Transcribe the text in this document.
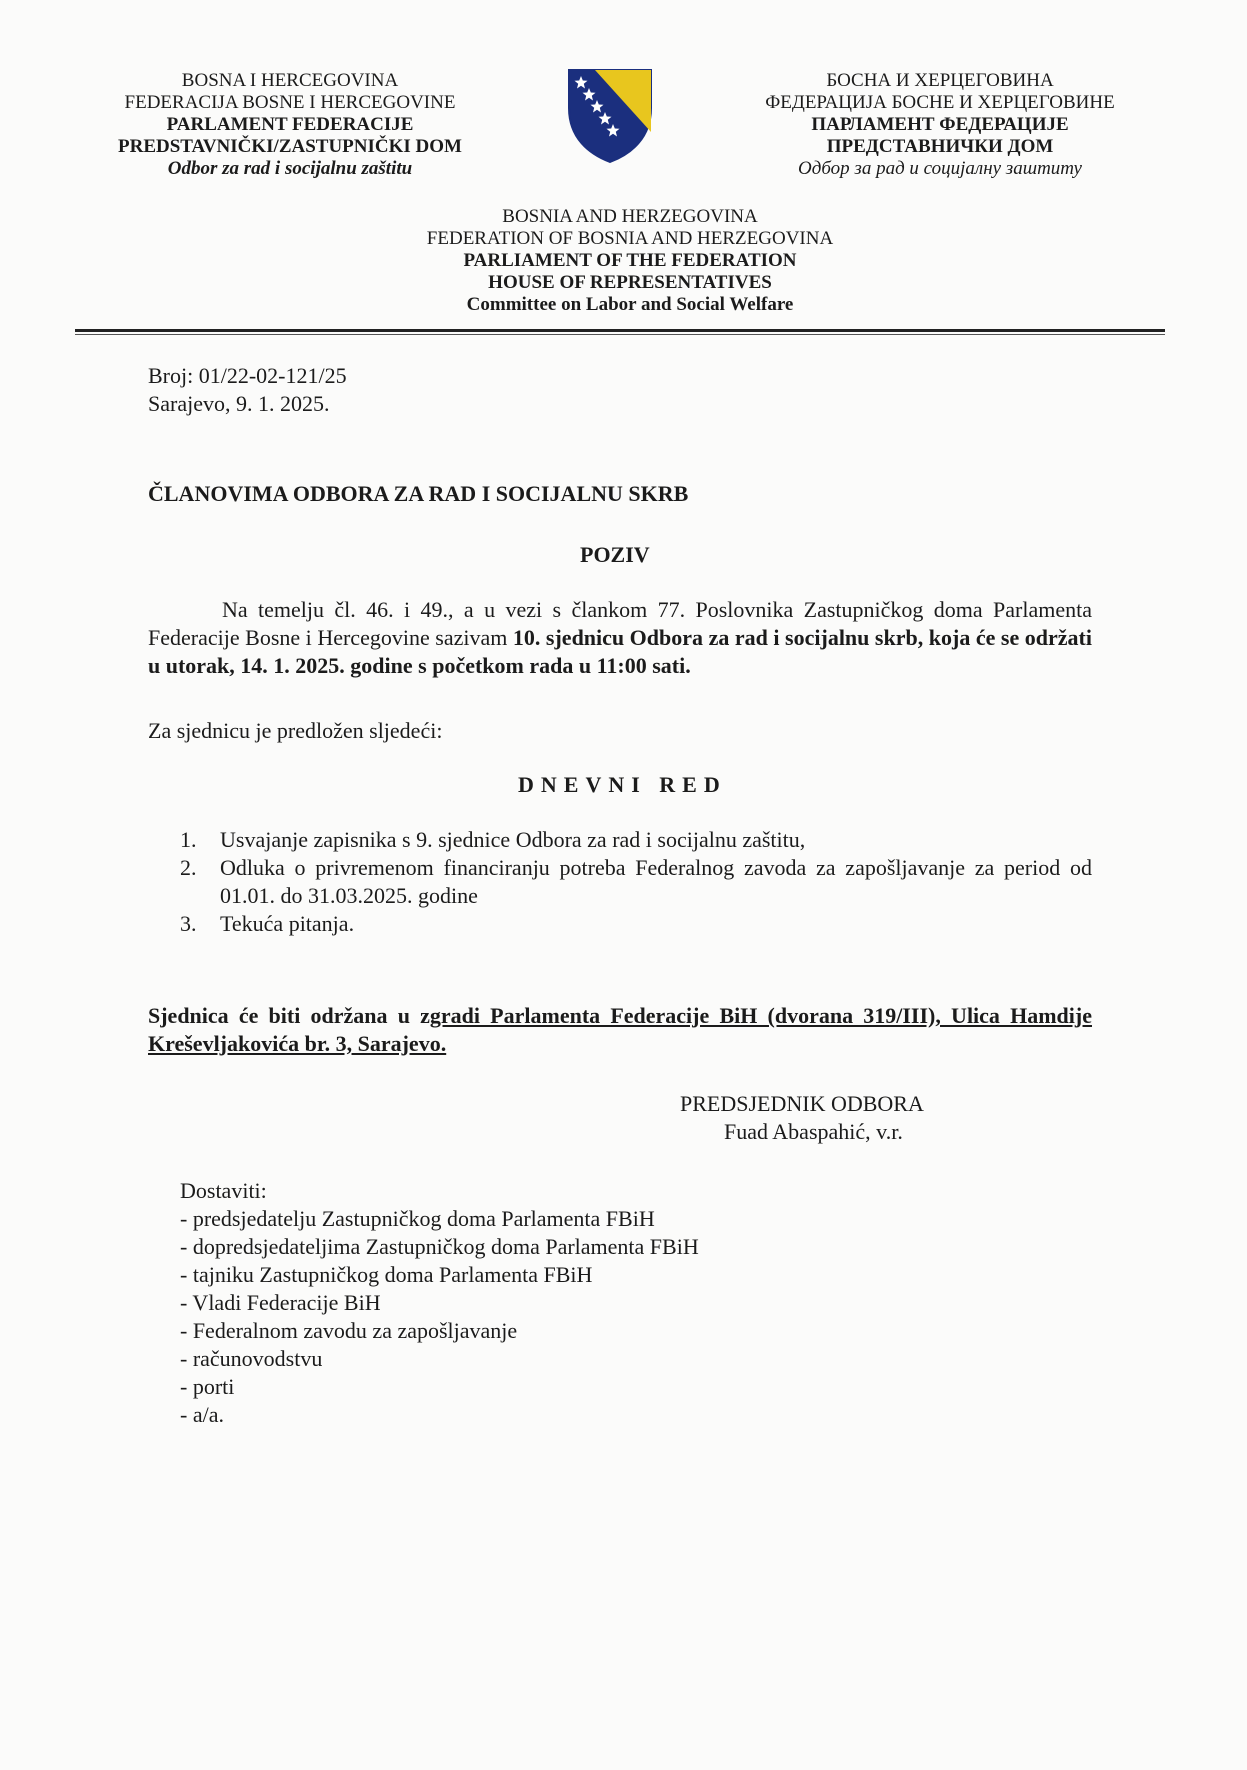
BOSNA I HERCEGOVINA
FEDERACIJA BOSNE I HERCEGOVINE
PARLAMENT FEDERACIJE
PREDSTAVNIČKI/ZASTUPNIČKI DOM
Odbor za rad i socijalnu zaštitu
БОСНА И ХЕРЦЕГОВИНА
ФЕДЕРАЦИЈА БОСНЕ И ХЕРЦЕГОВИНЕ
ПАРЛАМЕНТ ФЕДЕРАЦИЈЕ
ПРЕДСТАВНИЧКИ ДОМ
Одбор за рад и социјалну заштиту
BOSNIA AND HERZEGOVINA
FEDERATION OF BOSNIA AND HERZEGOVINA
PARLIAMENT OF THE FEDERATION
HOUSE OF REPRESENTATIVES
Committee on Labor and Social Welfare
Broj: 01/22-02-121/25
Sarajevo, 9. 1. 2025.
ČLANOVIMA ODBORA ZA RAD I SOCIJALNU SKRB
POZIV

Na temelju čl. 46. i 49., a u vezi s člankom 77. Poslovnika Zastupničkog doma Parlamenta Federacije Bosne i Hercegovine sazivam 10. sjednicu Odbora za rad i socijalnu skrb, koja će se održati u utorak, 14. 1. 2025. godine s početkom rada u 11:00 sati.

Za sjednicu je predložen sljedeći:
DNEVNI RED
1. Usvajanje zapisnika s 9. sjednice Odbora za rad i socijalnu zaštitu,
2. Odluka o privremenom financiranju potreba Federalnog zavoda za zapošljavanje za period od 01.01. do 31.03.2025. godine
3. Tekuća pitanja.
Sjednica će biti održana u zgradi Parlamenta Federacije BiH (dvorana 319/III), Ulica Hamdije Kreševljakovića br. 3, Sarajevo.
PREDSJEDNIK ODBORA
Fuad Abaspahić, v.r.
Dostaviti:
- predsjedatelju Zastupničkog doma Parlamenta FBiH
- dopredsjedateljima Zastupničkog doma Parlamenta FBiH
- tajniku Zastupničkog doma Parlamenta FBiH
- Vladi Federacije BiH
- Federalnom zavodu za zapošljavanje
- računovodstvu
- porti
- a/a.
